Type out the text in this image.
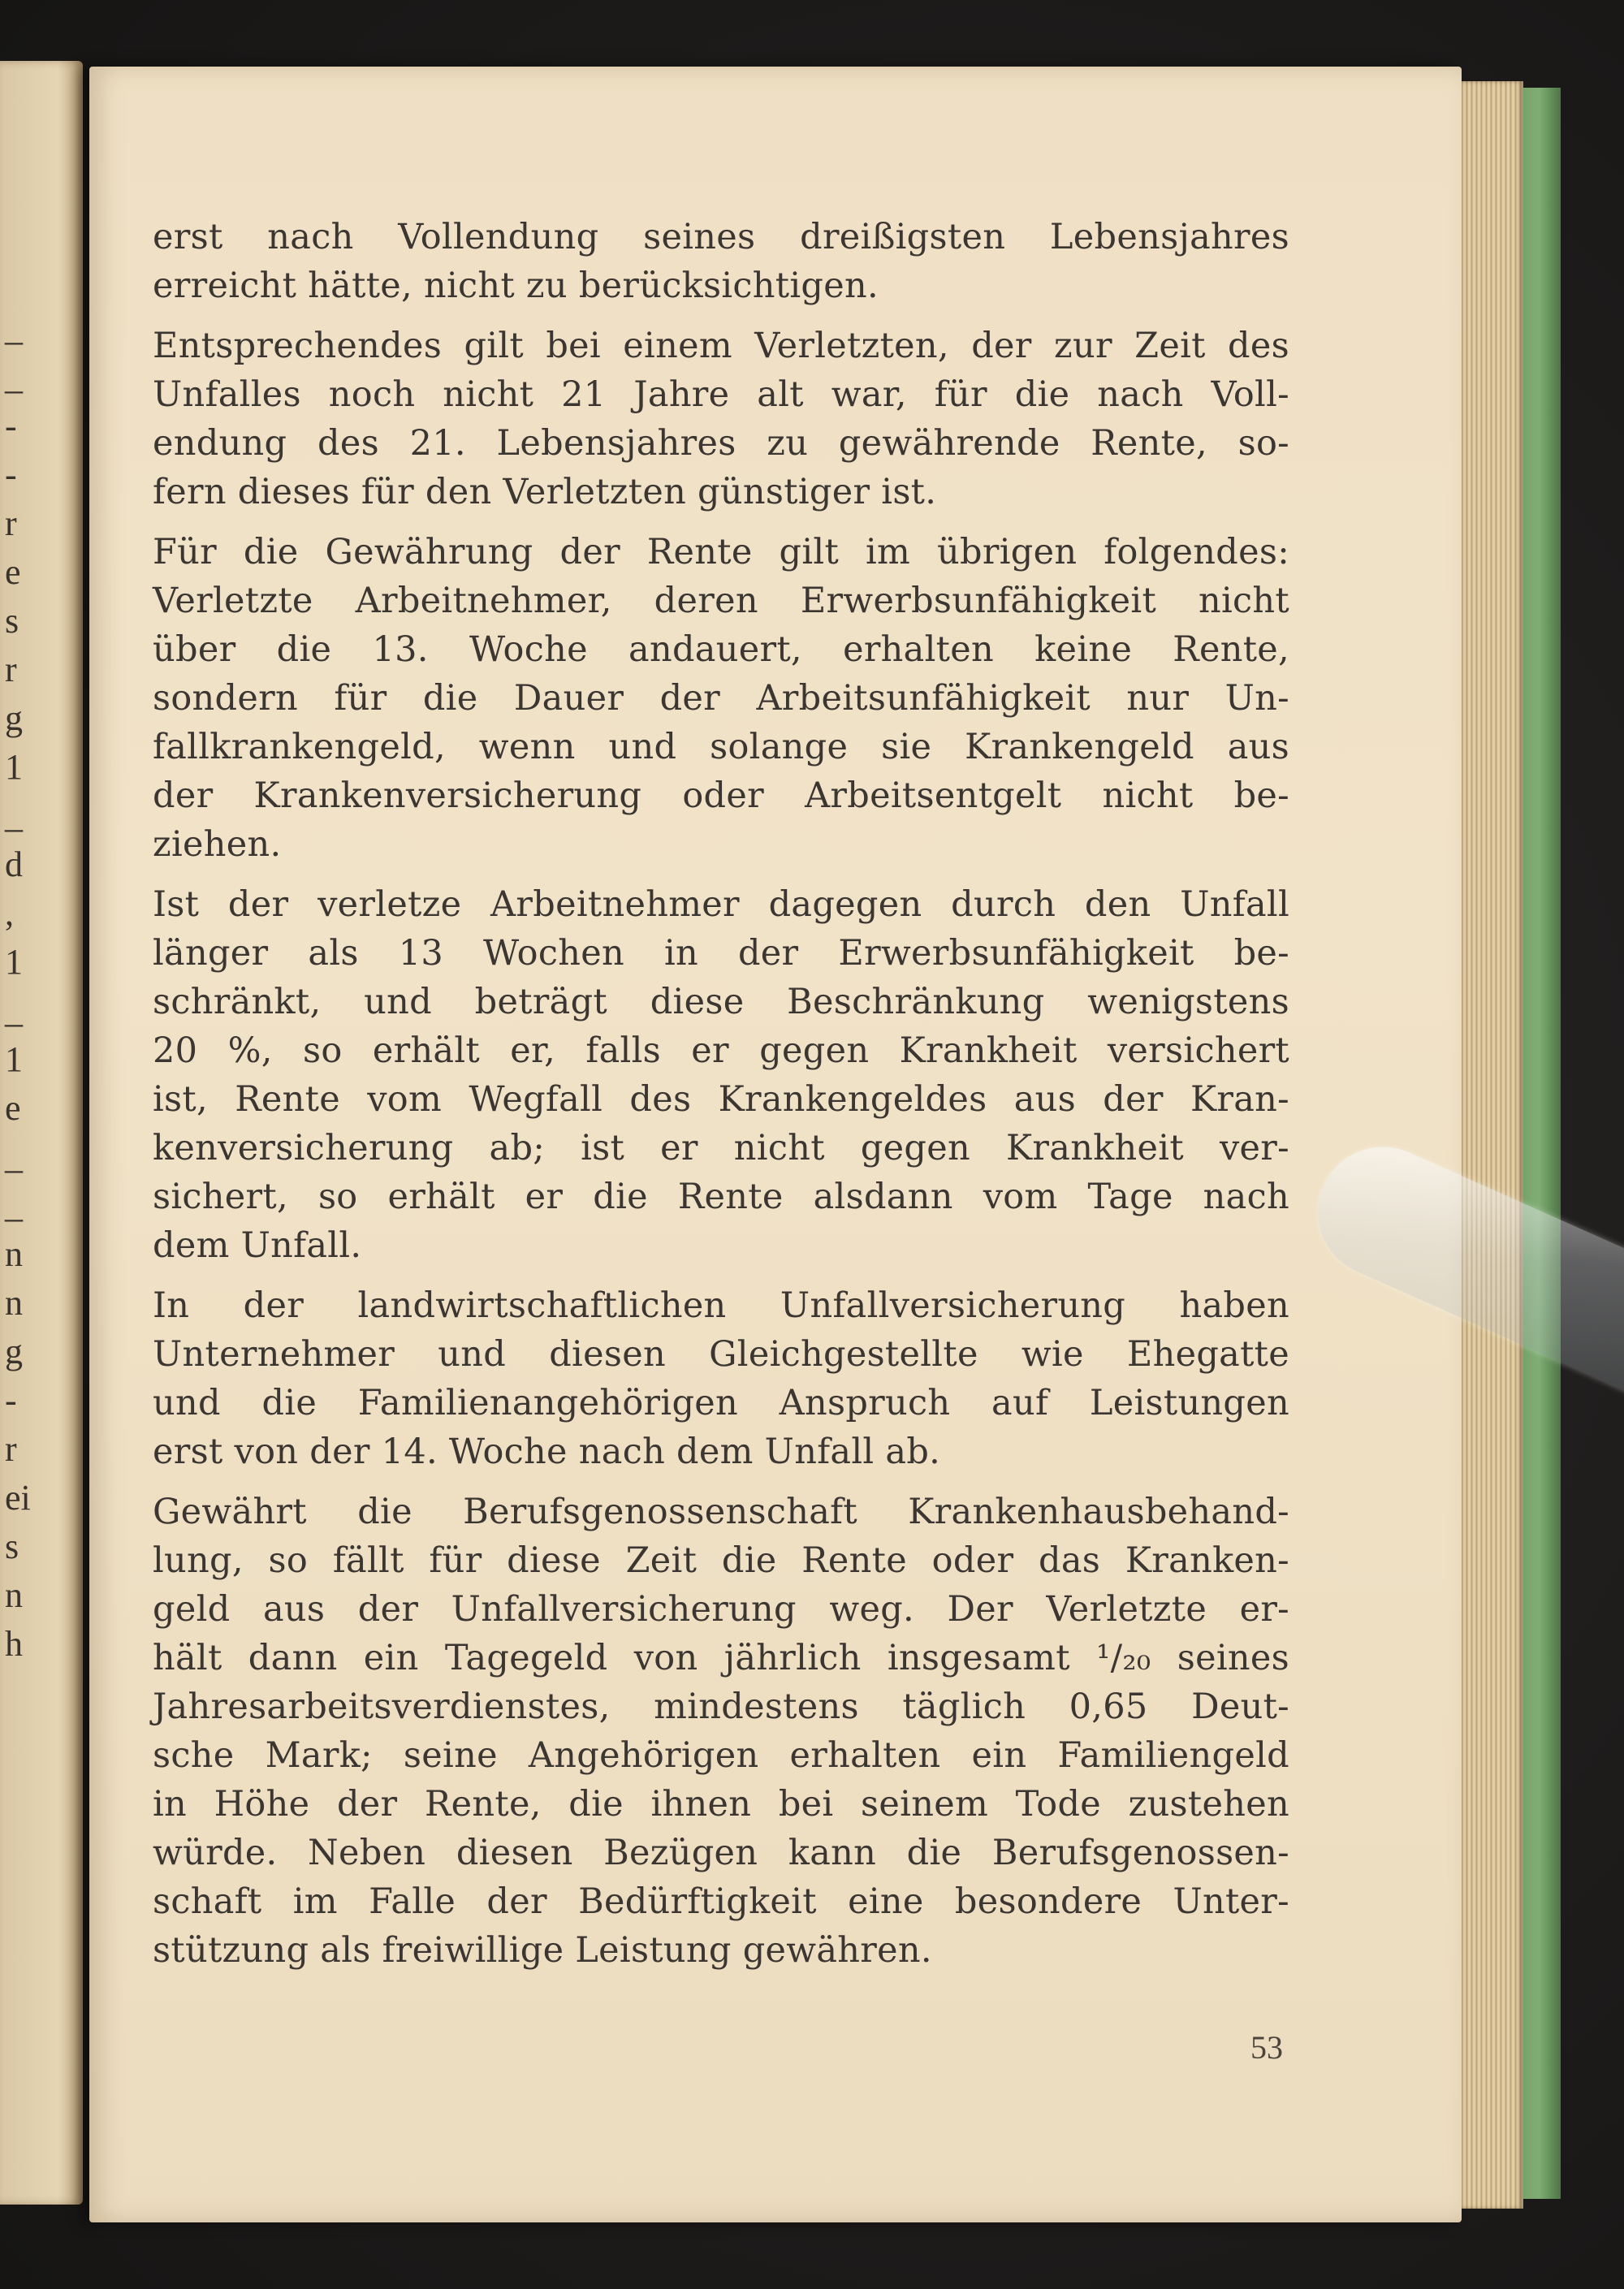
_
_
-
-
r
e
s
r
g
1
_
d
,
1
_
1
e
_
_
n
n
g
-
r
ei
s
n
h
erst nach Vollendung seines dreißigsten Lebensjahres
erreicht hätte, nicht zu berücksichtigen.
Entsprechendes gilt bei einem Verletzten, der zur Zeit des
Unfalles noch nicht 21 Jahre alt war, für die nach Voll-
endung des 21. Lebensjahres zu gewährende Rente, so-
fern dieses für den Verletzten günstiger ist.
Für die Gewährung der Rente gilt im übrigen folgendes:
Verletzte Arbeitnehmer, deren Erwerbsunfähigkeit nicht
über die 13. Woche andauert, erhalten keine Rente,
sondern für die Dauer der Arbeitsunfähigkeit nur Un-
fallkrankengeld, wenn und solange sie Krankengeld aus
der Krankenversicherung oder Arbeitsentgelt nicht be-
ziehen.
Ist der verletze Arbeitnehmer dagegen durch den Unfall
länger als 13 Wochen in der Erwerbsunfähigkeit be-
schränkt, und beträgt diese Beschränkung wenigstens
20 %, so erhält er, falls er gegen Krankheit versichert
ist, Rente vom Wegfall des Krankengeldes aus der Kran-
kenversicherung ab; ist er nicht gegen Krankheit ver-
sichert, so erhält er die Rente alsdann vom Tage nach
dem Unfall.
In der landwirtschaftlichen Unfallversicherung haben
Unternehmer und diesen Gleichgestellte wie Ehegatte
und die Familienangehörigen Anspruch auf Leistungen
erst von der 14. Woche nach dem Unfall ab.
Gewährt die Berufsgenossenschaft Krankenhausbehand-
lung, so fällt für diese Zeit die Rente oder das Kranken-
geld aus der Unfallversicherung weg. Der Verletzte er-
hält dann ein Tagegeld von jährlich insgesamt ¹/₂₀ seines
Jahresarbeitsverdienstes, mindestens täglich 0,65 Deut-
sche Mark; seine Angehörigen erhalten ein Familiengeld
in Höhe der Rente, die ihnen bei seinem Tode zustehen
würde. Neben diesen Bezügen kann die Berufsgenossen-
schaft im Falle der Bedürftigkeit eine besondere Unter-
stützung als freiwillige Leistung gewähren.
53
